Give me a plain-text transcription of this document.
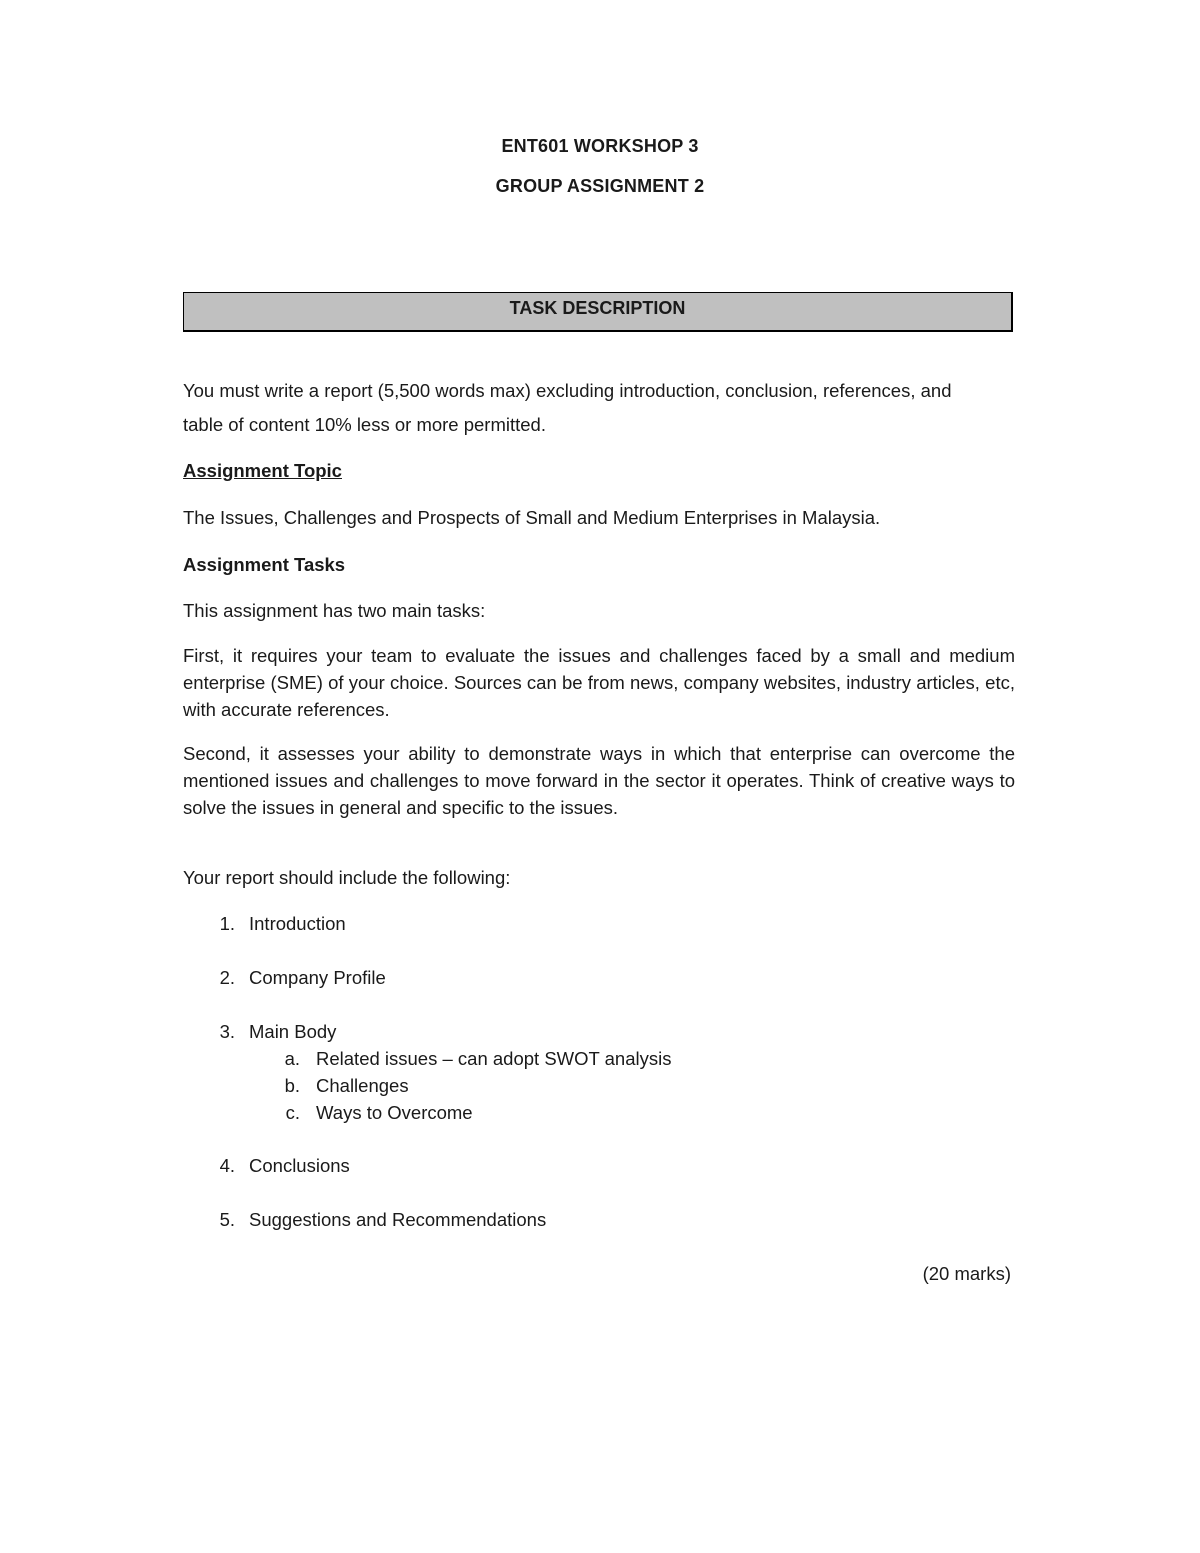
ENT601 WORKSHOP 3
GROUP ASSIGNMENT 2
TASK DESCRIPTION
You must write a report (5,500 words max) excluding introduction, conclusion, references, and
table of content 10% less or more permitted.
Assignment Topic
The Issues, Challenges and Prospects of Small and Medium Enterprises in Malaysia.
Assignment Tasks
This assignment has two main tasks:
First, it requires your team to evaluate the issues and challenges faced by a small and medium enterprise (SME) of your choice. Sources can be from news, company websites, industry articles, etc, with accurate references.
Second, it assesses your ability to demonstrate ways in which that enterprise can overcome the mentioned issues and challenges to move forward in the sector it operates. Think of creative ways to solve the issues in general and specific to the issues.
Your report should include the following:
1. Introduction
2. Company Profile
3. Main Body
a. Related issues – can adopt SWOT analysis
b. Challenges
c. Ways to Overcome
4. Conclusions
5. Suggestions and Recommendations
(20 marks)
